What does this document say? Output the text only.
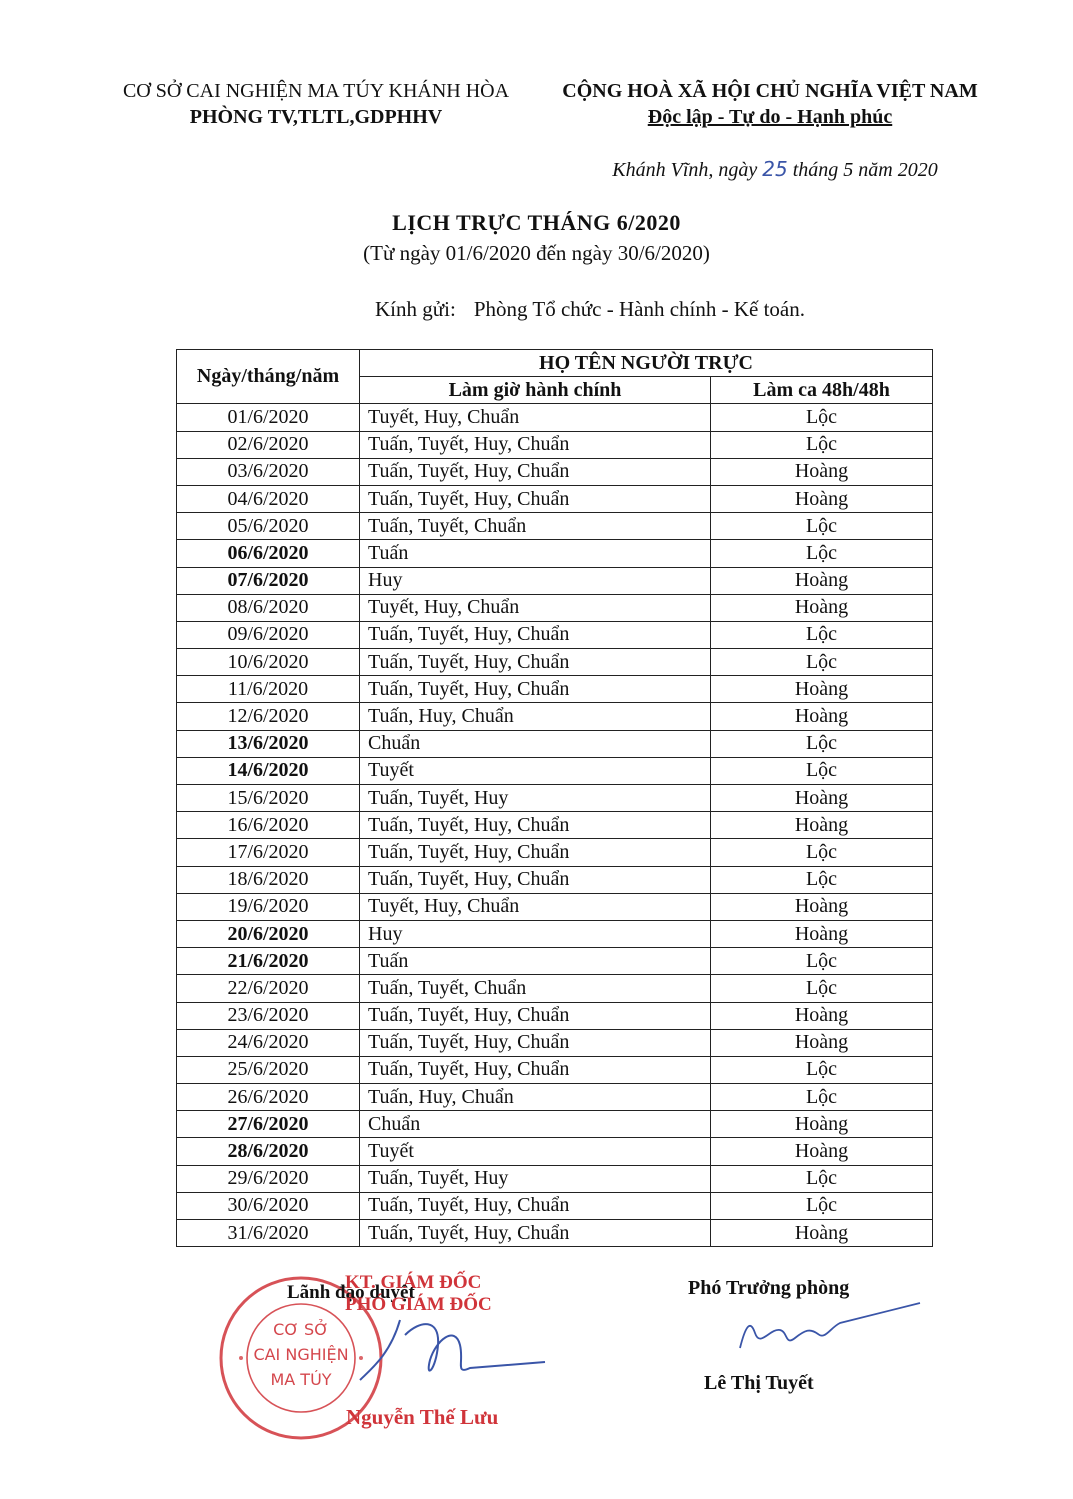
CƠ SỞ CAI NGHIỆN MA TÚY KHÁNH HÒA
PHÒNG TV,TLTL,GDPHHV
CỘNG HOÀ XÃ HỘI CHỦ NGHĨA VIỆT NAM
Độc lập - Tự do - Hạnh phúc
Khánh Vĩnh, ngày 25 tháng 5 năm 2020
LỊCH TRỰC THÁNG 6/2020
(Từ ngày 01/6/2020 đến ngày 30/6/2020)
Kính gửi: Phòng Tổ chức - Hành chính - Kế toán.
Ngày/tháng/năm	HỌ TÊN NGƯỜI TRỰC	
	Làm giờ hành chính	Làm ca 48h/48h
01/6/2020	Tuyết, Huy, Chuẩn	Lộc
02/6/2020	Tuấn, Tuyết, Huy, Chuẩn	Lộc
03/6/2020	Tuấn, Tuyết, Huy, Chuẩn	Hoàng
04/6/2020	Tuấn, Tuyết, Huy, Chuẩn	Hoàng
05/6/2020	Tuấn, Tuyết, Chuẩn	Lộc
06/6/2020	Tuấn	Lộc
07/6/2020	Huy	Hoàng
08/6/2020	Tuyết, Huy, Chuẩn	Hoàng
09/6/2020	Tuấn, Tuyết, Huy, Chuẩn	Lộc
10/6/2020	Tuấn, Tuyết, Huy, Chuẩn	Lộc
11/6/2020	Tuấn, Tuyết, Huy, Chuẩn	Hoàng
12/6/2020	Tuấn, Huy, Chuẩn	Hoàng
13/6/2020	Chuẩn	Lộc
14/6/2020	Tuyết	Lộc
15/6/2020	Tuấn, Tuyết, Huy	Hoàng
16/6/2020	Tuấn, Tuyết, Huy, Chuẩn	Hoàng
17/6/2020	Tuấn, Tuyết, Huy, Chuẩn	Lộc
18/6/2020	Tuấn, Tuyết, Huy, Chuẩn	Lộc
19/6/2020	Tuyết, Huy, Chuẩn	Hoàng
20/6/2020	Huy	Hoàng
21/6/2020	Tuấn	Lộc
22/6/2020	Tuấn, Tuyết, Chuẩn	Lộc
23/6/2020	Tuấn, Tuyết, Huy, Chuẩn	Hoàng
24/6/2020	Tuấn, Tuyết, Huy, Chuẩn	Hoàng
25/6/2020	Tuấn, Tuyết, Huy, Chuẩn	Lộc
26/6/2020	Tuấn, Huy, Chuẩn	Lộc
27/6/2020	Chuẩn	Hoàng
28/6/2020	Tuyết	Hoàng
29/6/2020	Tuấn, Tuyết, Huy	Lộc
30/6/2020	Tuấn, Tuyết, Huy, Chuẩn	Lộc
31/6/2020	Tuấn, Tuyết, Huy, Chuẩn	Hoàng
CƠ SỞ
CAI NGHIỆN
MA TÚY
KT. GIÁM ĐỐC
Lãnh đạo duyệt
PHÓ GIÁM ĐỐC
Nguyễn Thế Lưu
Phó Trưởng phòng
Lê Thị Tuyết
